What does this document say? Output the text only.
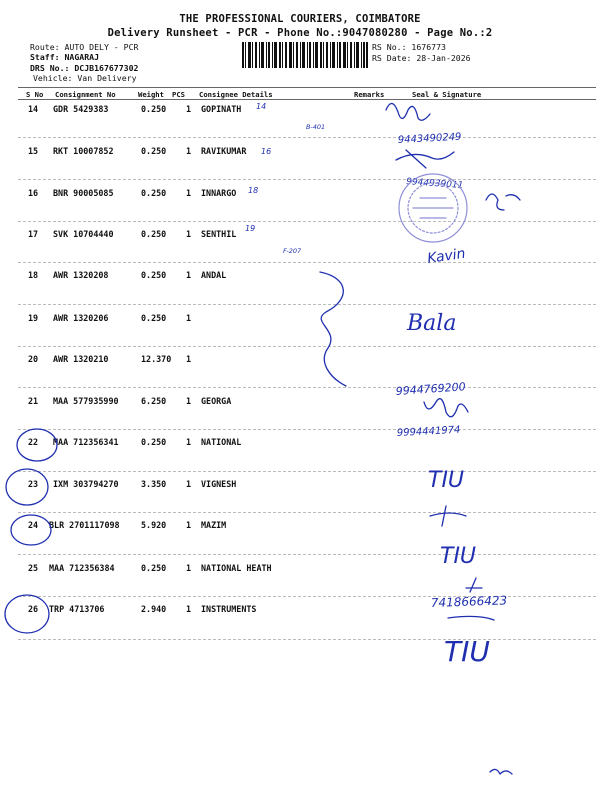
THE PROFESSIONAL COURIERS, COIMBATORE
Delivery Runsheet - PCR - Phone No.:9047080280 - Page No.:2
Route: AUTO DELY - PCR
Staff: NAGARAJ
DRS No.: DCJB167677302
Vehicle: Van Delivery
RS No.: 1676773
RS Date: 28-Jan-2026
S No Consignment No	Weight PCS Consignee Details	Remarks	Seal & Signature
14 GDR 5429383	0.250 1 GOPINATH
15 RKT 10007852	0.250 1 RAVIKUMAR
16 BNR 90005085	0.250 1 INNARGO
17 SVK 10704440	0.250 1 SENTHIL
18 AWR 1320208	0.250 1 ANDAL
19 AWR 1320206	0.250 1
20 AWR 1320210	12.370 1
21 MAA 577935990	6.250 1 GEORGA
22 MAA 712356341	0.250 1 NATIONAL
23 IXM 303794270	3.350 1 VIGNESH
24 BLR 2701117098	5.920 1 MAZIM
25 MAA 712356384	0.250 1 NATIONAL HEATH
26 TRP 4713706	2.940 1 INSTRUMENTS
14
16
18
19
B-401
F-207
9443490249
9944939011
9944769200
9994441974
7418666423
Bala
Kavin
TIU
TIU
TIU
